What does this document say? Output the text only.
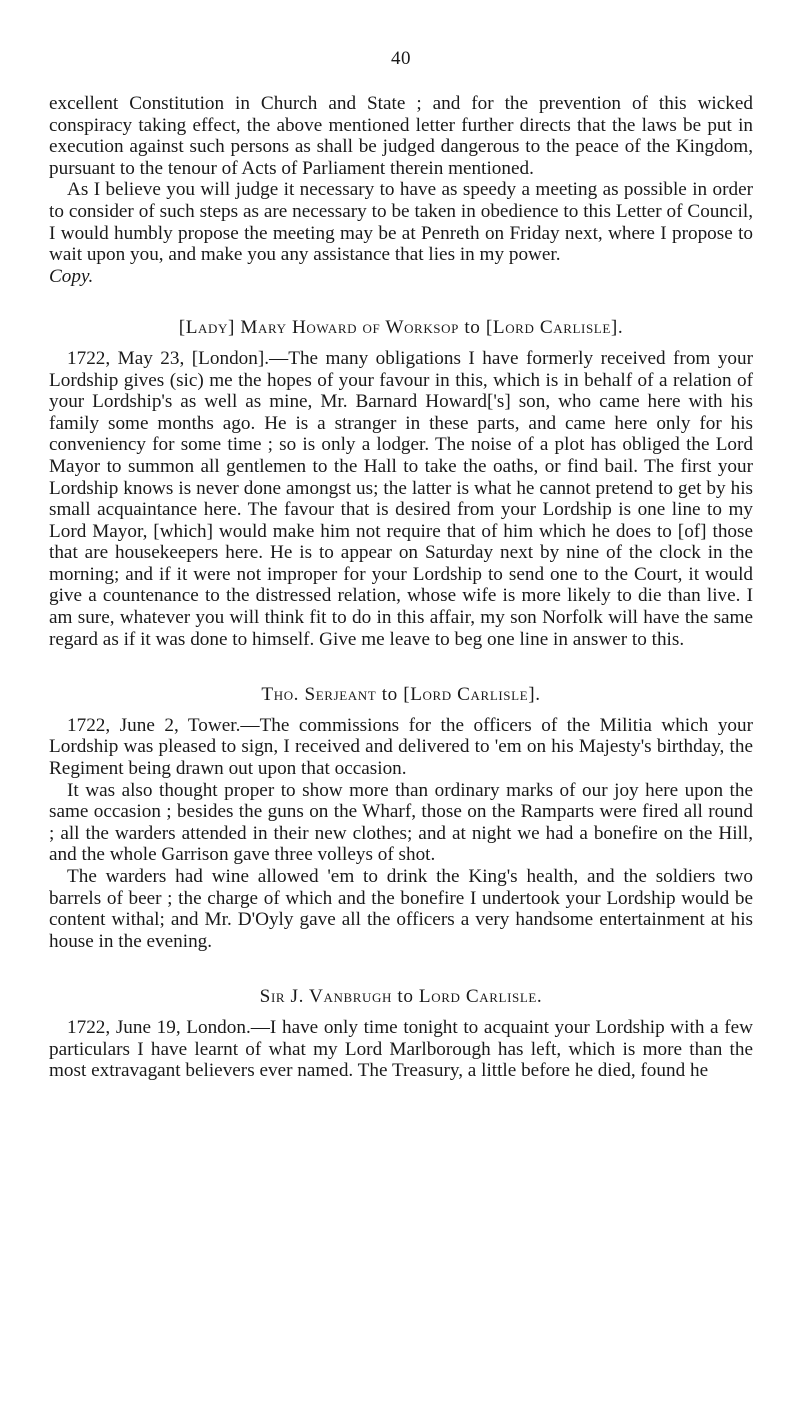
40

excellent Constitution in Church and State ; and for the prevention of this wicked conspiracy taking effect, the above mentioned letter further directs that the laws be put in execution against such persons as shall be judged dangerous to the peace of the Kingdom, pursuant to the tenour of Acts of Parliament therein mentioned.

As I believe you will judge it necessary to have as speedy a meeting as possible in order to consider of such steps as are necessary to be taken in obedience to this Letter of Council, I would humbly propose the meeting may be at Penreth on Friday next, where I propose to wait upon you, and make you any assistance that lies in my power.

Copy.

[Lady] Mary Howard of Worksop to [Lord Carlisle].

1722, May 23, [London].—The many obligations I have formerly received from your Lordship gives (sic) me the hopes of your favour in this, which is in behalf of a relation of your Lordship's as well as mine, Mr. Barnard Howard['s] son, who came here with his family some months ago. He is a stranger in these parts, and came here only for his conveniency for some time ; so is only a lodger. The noise of a plot has obliged the Lord Mayor to summon all gentlemen to the Hall to take the oaths, or find bail. The first your Lordship knows is never done amongst us; the latter is what he cannot pretend to get by his small acquaintance here. The favour that is desired from your Lordship is one line to my Lord Mayor, [which] would make him not require that of him which he does to [of] those that are housekeepers here. He is to appear on Saturday next by nine of the clock in the morning; and if it were not improper for your Lordship to send one to the Court, it would give a countenance to the distressed relation, whose wife is more likely to die than live. I am sure, whatever you will think fit to do in this affair, my son Norfolk will have the same regard as if it was done to himself. Give me leave to beg one line in answer to this.

Tho. Serjeant to [Lord Carlisle].

1722, June 2, Tower.—The commissions for the officers of the Militia which your Lordship was pleased to sign, I received and delivered to 'em on his Majesty's birthday, the Regiment being drawn out upon that occasion.

It was also thought proper to show more than ordinary marks of our joy here upon the same occasion ; besides the guns on the Wharf, those on the Ramparts were fired all round ; all the warders attended in their new clothes; and at night we had a bonefire on the Hill, and the whole Garrison gave three volleys of shot.

The warders had wine allowed 'em to drink the King's health, and the soldiers two barrels of beer ; the charge of which and the bonefire I undertook your Lordship would be content withal; and Mr. D'Oyly gave all the officers a very handsome entertainment at his house in the evening.

Sir J. Vanbrugh to Lord Carlisle.

1722, June 19, London.—I have only time tonight to acquaint your Lordship with a few particulars I have learnt of what my Lord Marlborough has left, which is more than the most extravagant believers ever named. The Treasury, a little before he died, found he
